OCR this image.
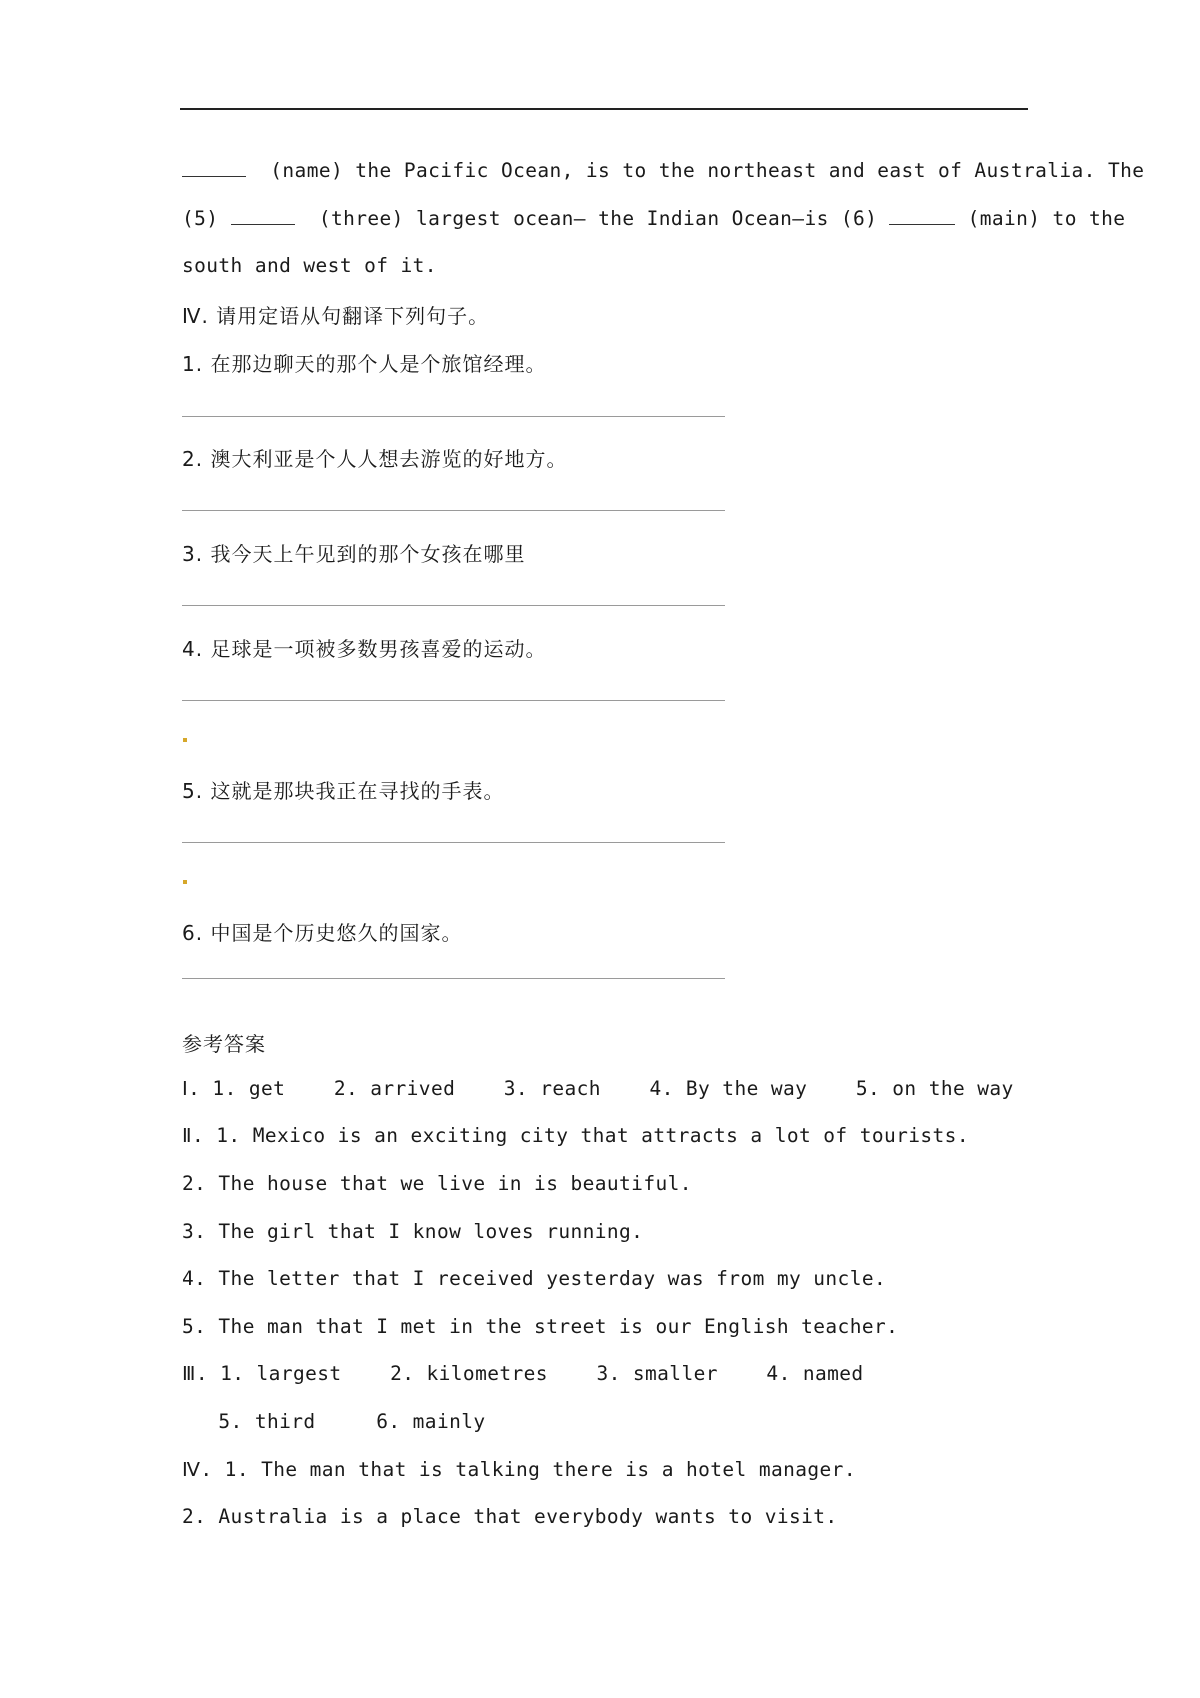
(name) the Pacific Ocean, is to the northeast and east of Australia. The
(5)	(three) largest ocean— the Indian Ocean—is (6)	(main) to the
south and west of it.
Ⅳ. 请用定语从句翻译下列句子。
1. 在那边聊天的那个人是个旅馆经理。
2. 澳大利亚是个人人想去游览的好地方。
3. 我今天上午见到的那个女孩在哪里
4. 足球是一项被多数男孩喜爱的运动。
5. 这就是那块我正在寻找的手表。
6. 中国是个历史悠久的国家。
参考答案
Ⅰ. 1. get    2. arrived    3. reach    4. By the way    5. on the way
Ⅱ. 1. Mexico is an exciting city that attracts a lot of tourists.
2. The house that we live in is beautiful.
3. The girl that I know loves running.
4. The letter that I received yesterday was from my uncle.
5. The man that I met in the street is our English teacher.
Ⅲ. 1. largest    2. kilometres    3. smaller    4. named
5. third     6. mainly
Ⅳ. 1. The man that is talking there is a hotel manager.
2. Australia is a place that everybody wants to visit.
